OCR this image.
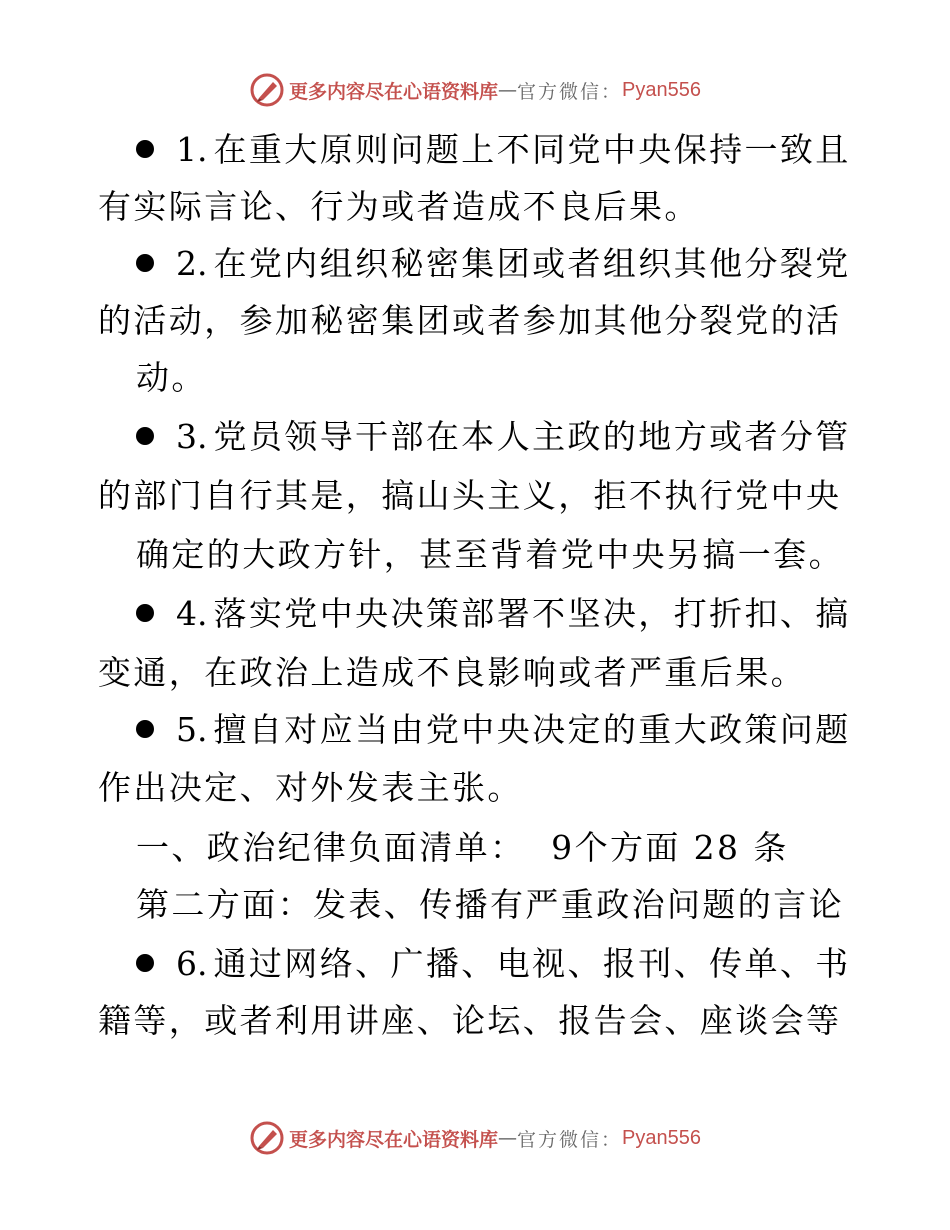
更多内容尽在心语资料库 — 官方微信： Pyan556
1. 在重大原则问题上不同党中央保持一致且
有实际言论、行为或者造成不良后果。
2. 在党内组织秘密集团或者组织其他分裂党
的活动，参加秘密集团或者参加其他分裂党的活
动。
3. 党员领导干部在本人主政的地方或者分管
的部门自行其是，搞山头主义，拒不执行党中央
确定的大政方针，甚至背着党中央另搞一套。
4. 落实党中央决策部署不坚决，打折扣、搞
变通，在政治上造成不良影响或者严重后果。
5. 擅自对应当由党中央决定的重大政策问题
作出决定、对外发表主张。
一、政治纪律负面清单：  9个方面 28 条
第二方面：发表、传播有严重政治问题的言论
6. 通过网络、广播、电视、报刊、传单、书
籍等，或者利用讲座、论坛、报告会、座谈会等
更多内容尽在心语资料库 — 官方微信： Pyan556
